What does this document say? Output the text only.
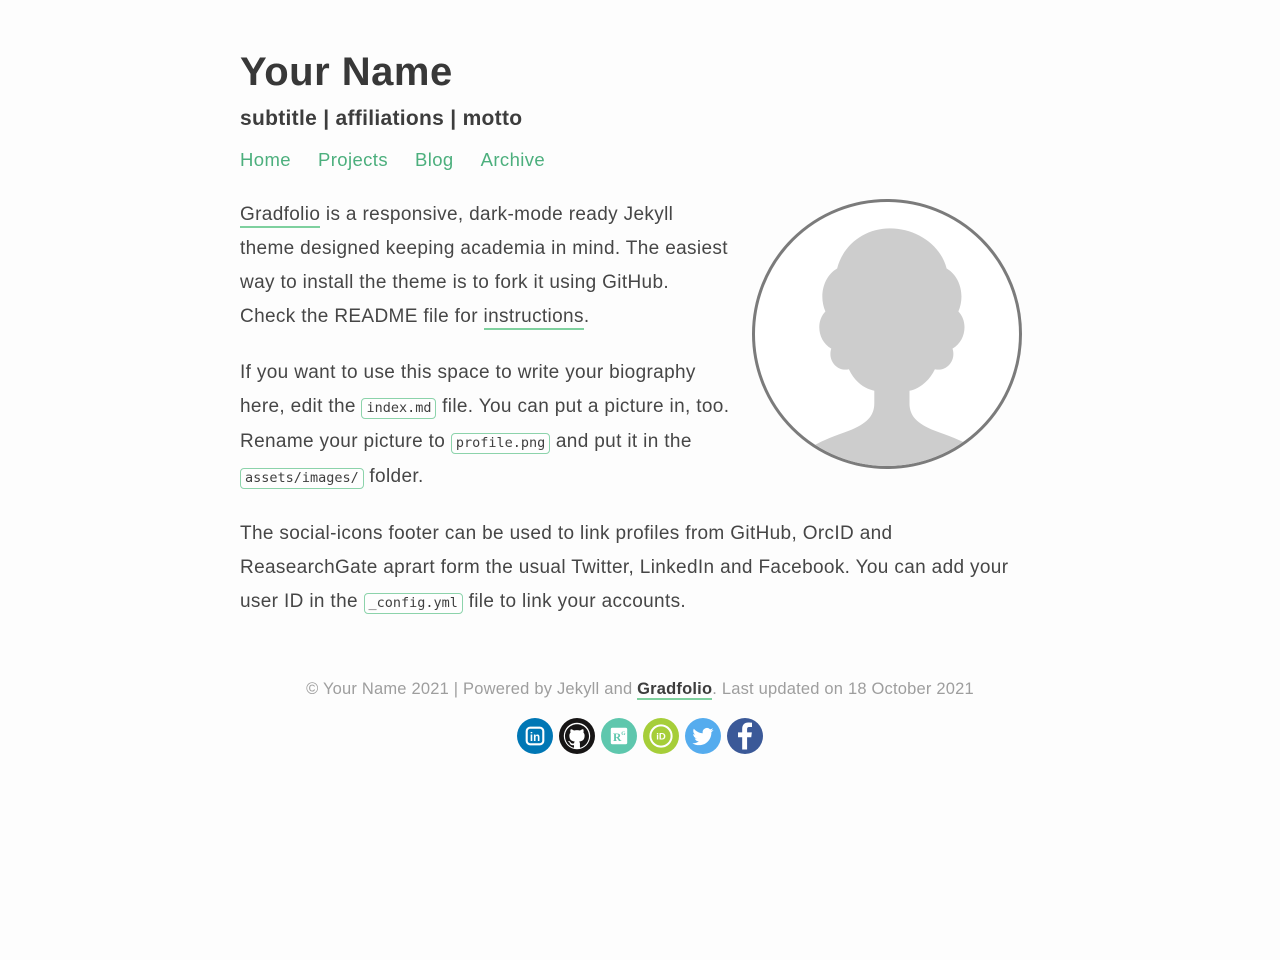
Your Name
subtitle | affiliations | motto
Home Projects Blog Archive

Gradfolio is a responsive, dark-mode ready Jekyll theme designed keeping academia in mind. The easiest way to install the theme is to fork it using GitHub. Check the README file for instructions.

If you want to use this space to write your biography here, edit the index.md file. You can put a picture in, too. Rename your picture to profile.png and put it in the assets/images/ folder.

The social-icons footer can be used to link profiles from GitHub, OrcID and ReasearchGate aprart form the usual Twitter, LinkedIn and Facebook. You can add your user ID in the _config.yml file to link your accounts.

© Your Name 2021 | Powered by Jekyll and Gradfolio. Last updated on 18 October 2021
in	R G	iD
